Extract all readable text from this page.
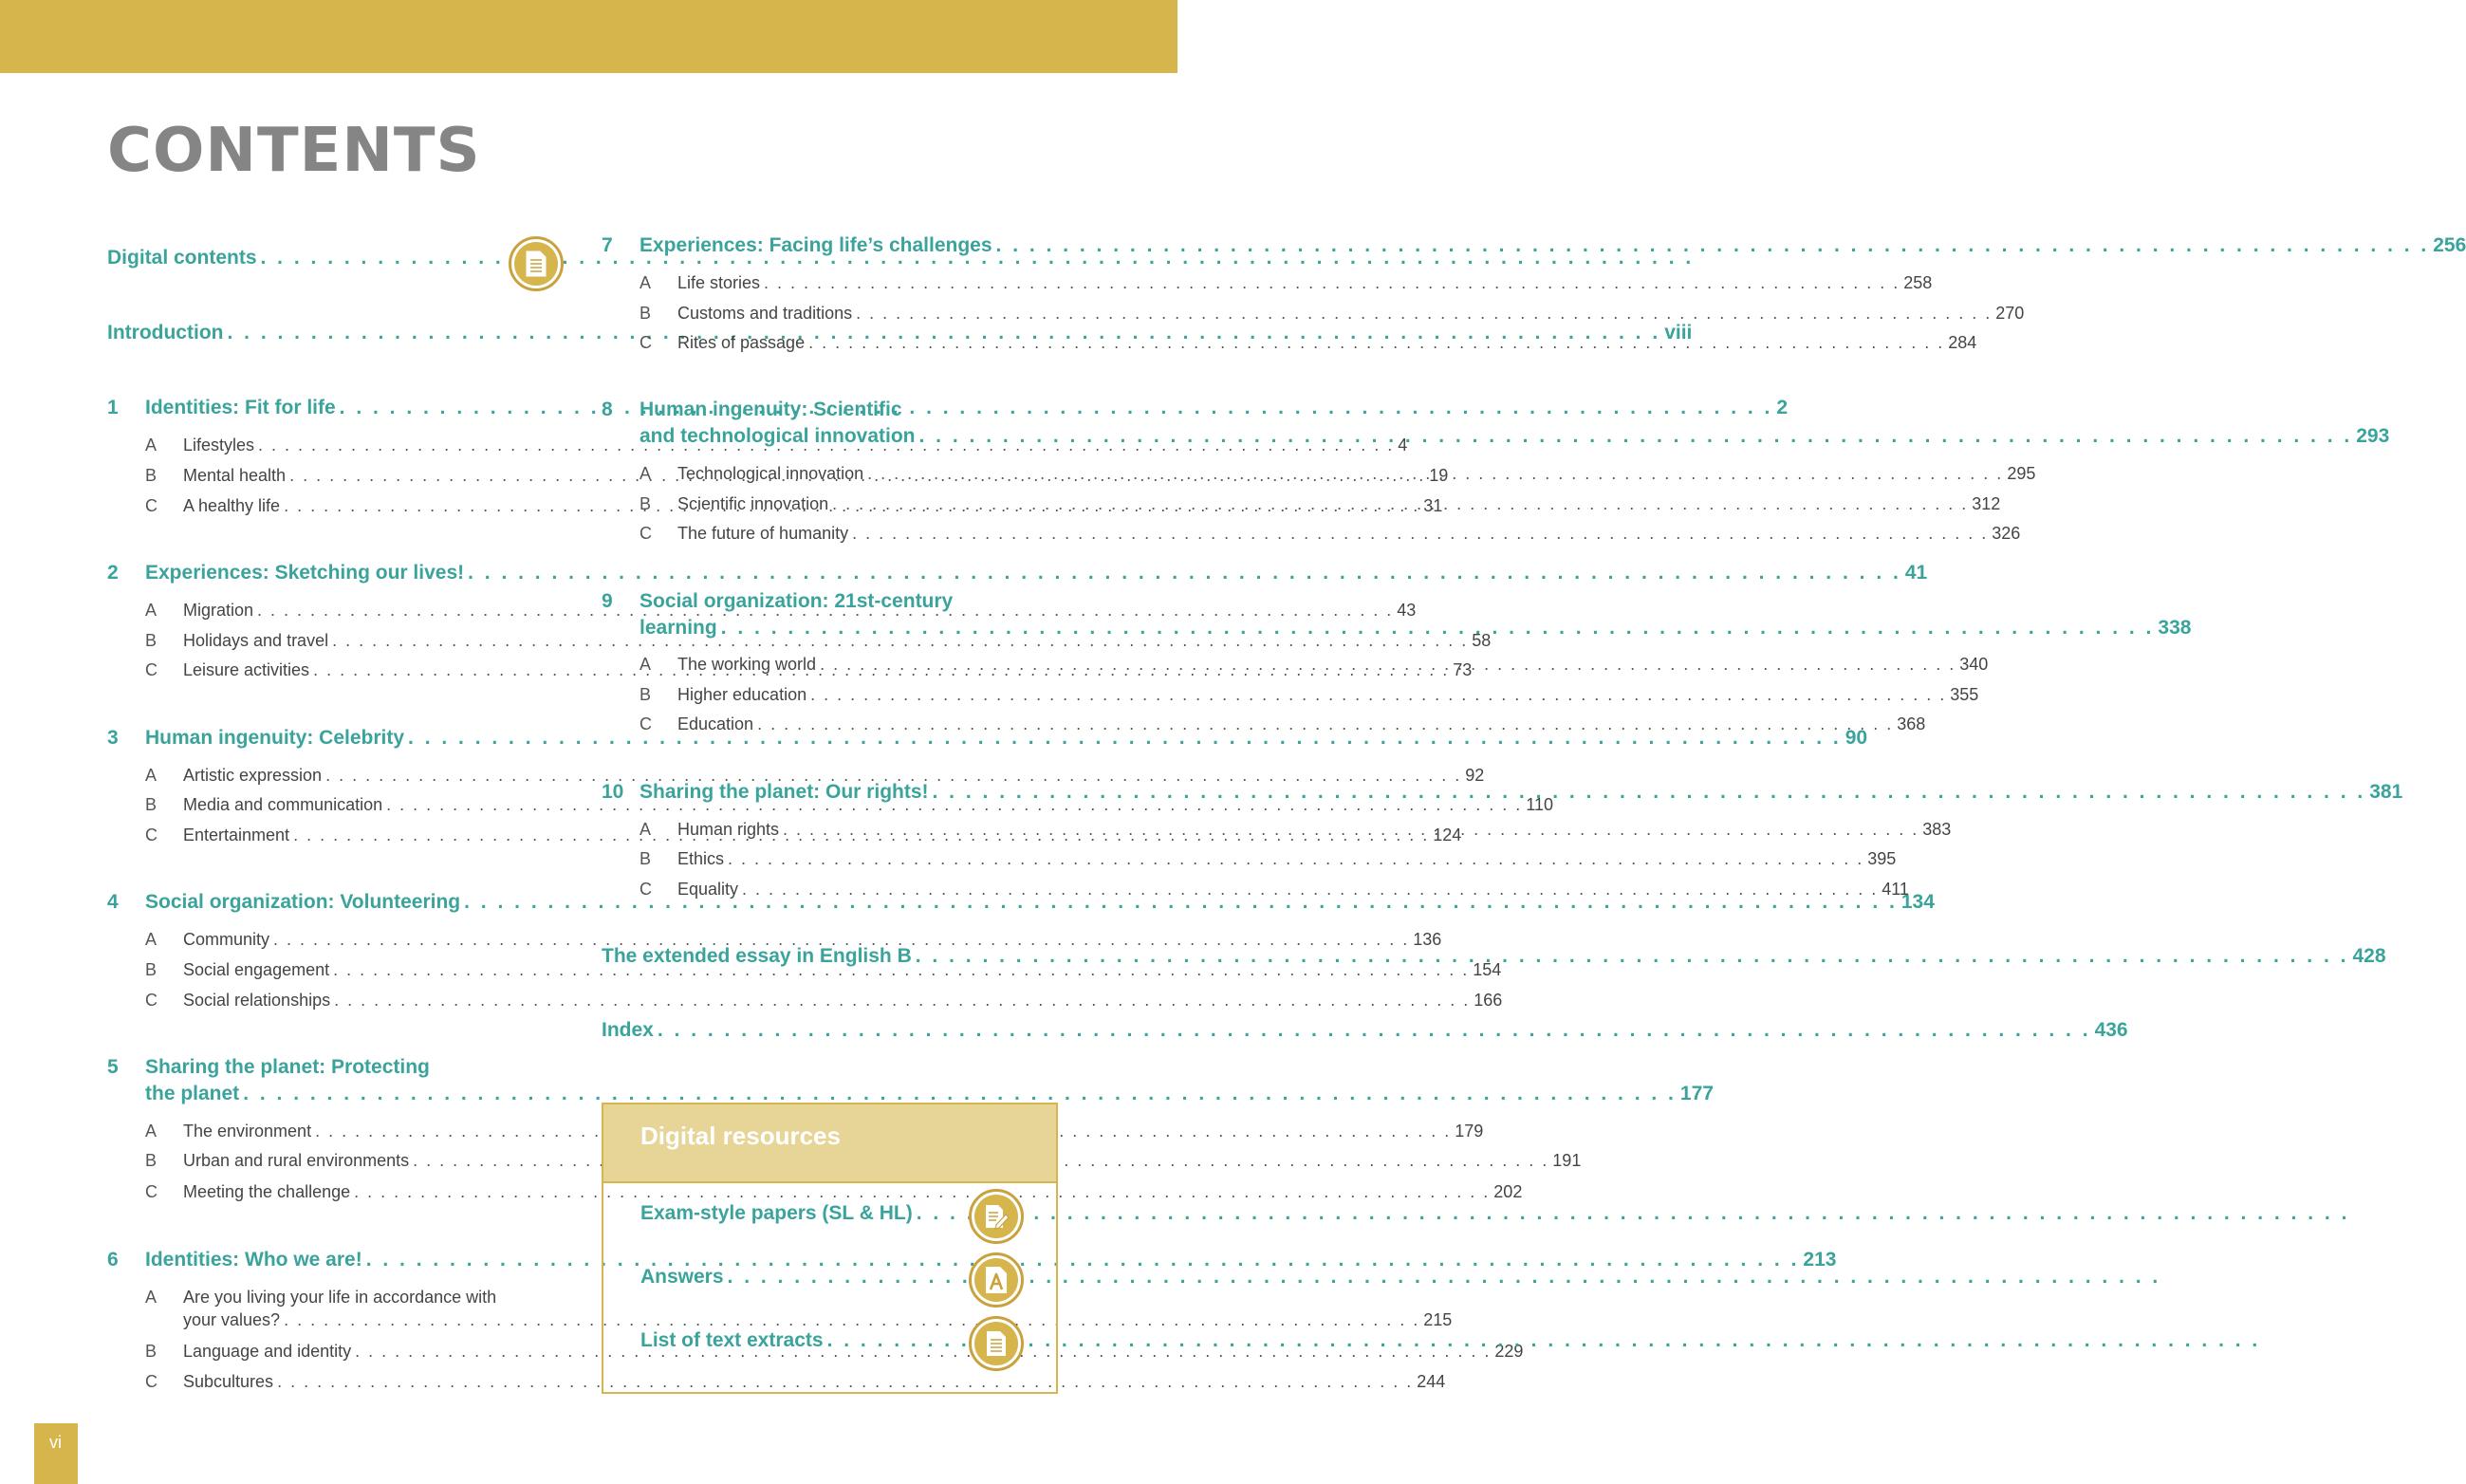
CONTENTS
Digital contents
. . .
Introduction . . .	viii
1	Identities: Fit for life . . .	2
A	Lifestyles . . .	4
B	Mental health . . .	19
C	A healthy life . . .	31
2	Experiences: Sketching our lives! . . .	41
A	Migration . . .	43
B	Holidays and travel . . .	58
C	Leisure activities . . .	73
3	Human ingenuity: Celebrity . . .	90
A	Artistic expression . . .	92
B	Media and communication . . .	110
C	Entertainment . . .	124
4	Social organization: Volunteering . . .	134
A	Community . . .	136
B	Social engagement . . .	154
C	Social relationships . . .	166
5	Sharing the planet: Protecting
the planet . . .	177
A	The environment . . .	179
B	Urban and rural environments . . .	191
C	Meeting the challenge . . .	202
6	Identities: Who we are! . . .	213
A	Are you living your life in accordance with
your values? . . .	215
B	Language and identity . . .	229
C	Subcultures . . .	244
7	Experiences: Facing life’s challenges . . .	256
A	Life stories . . .	258
B	Customs and traditions . . .	270
C	Rites of passage . . .	284
8	Human ingenuity: Scientific
and technological innovation . . .	293
A	Technological innovation . . .	295
B	Scientific innovation . . .	312
C	The future of humanity . . .	326
9	Social organization: 21st-century
learning . . .	338
A	The working world . . .	340
B	Higher education . . .	355
C	Education . . .	368
10 Sharing the planet: Our rights! . . .	381
A	Human rights . . .	383
B	Ethics . . .	395
C	Equality . . .	411
The extended essay in English B . . .	428
Index . . .	436
Digital resources
Exam-style papers (SL & HL)
. . .
Answers
. . .
List of text extracts
. . .
vi
